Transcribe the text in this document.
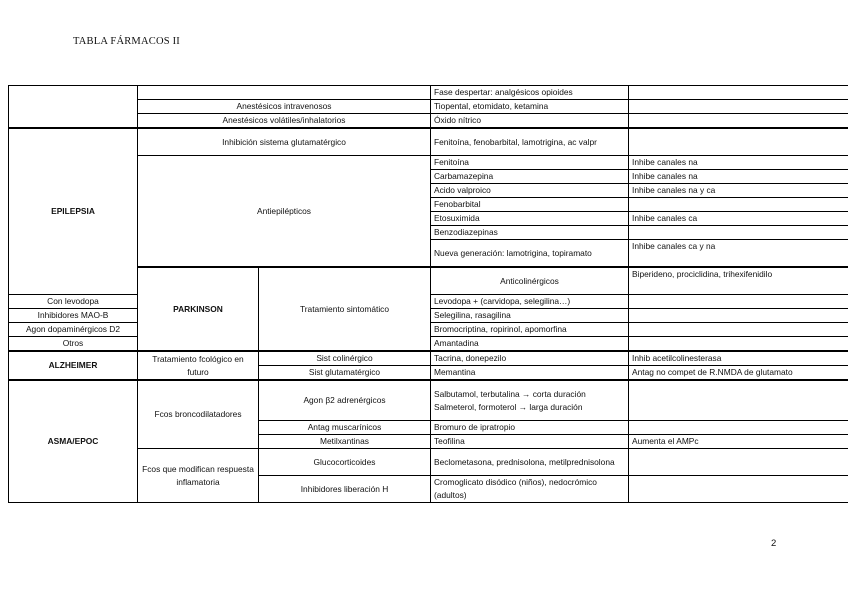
TABLA FÁRMACOS II
			Fase despertar: analgésicos opioides		
	Anestésicos intravenosos		Tiopental, etomidato, ketamina		
	Anestésicos volátiles/inhalatorios		Óxido nítrico		
EPILEPSIA	Inhibición sistema glutamatérgico		Fenitoína, fenobarbital, lamotrigina, ac valpr		
	Antiepilépticos		Fenitoína	Inhibe canales na	
			Carbamazepina	Inhibe canales na	
			Acido valproico	Inhibe canales na y ca	
			Fenobarbital		
			Etosuximida	Inhibe canales ca	
			Benzodiazepinas		
			Nueva generación: lamotrigina, topiramato	Inhibe canales ca y na	
	PARKINSON	Tratamiento sintomático	Anticolinérgicos	Biperideno, prociclidina, trihexifenidilo	
Con levodopa			Levodopa + (carvidopa, selegilina…)		
Inhibidores MAO-B			Selegilina, rasagilina		
Agon dopaminérgicos D2			Bromocriptina, ropirinol, apomorfina		
Otros			Amantadina		
ALZHEIMER	Tratamiento fcológico en futuro	Sist colinérgico	Tacrina, donepezilo	Inhib acetilcolinesterasa	
		Sist glutamatérgico	Memantina	Antag no compet de R.NMDA de glutamato	
ASMA/EPOC	Fcos broncodilatadores	Agon β2 adrenérgicos	Salbutamol, terbutalina → corta duración
Salmeterol, formoterol → larga duración		

		Antag muscarínicos	Bromuro de ipratropio		
		Metilxantinas	Teofilina	Aumenta el AMPc	
	Fcos que modifican respuesta inflamatoria	Glucocorticoides	Beclometasona, prednisolona, metilprednisolona		
		Inhibidores liberación H	Cromoglicato disódico (niños), nedocrómico (adultos)		
2
